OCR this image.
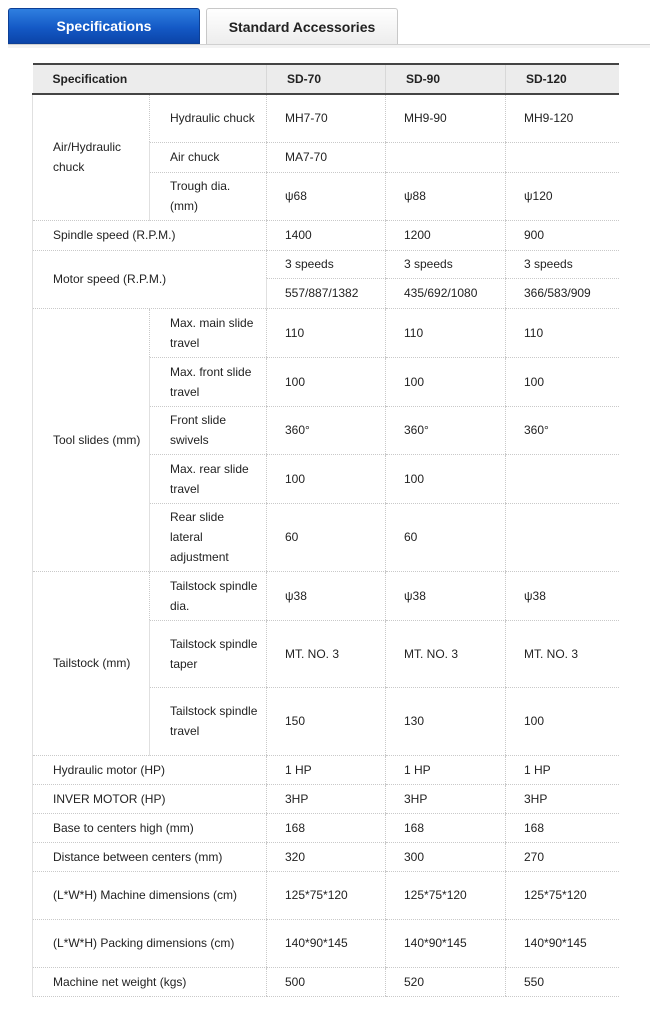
Specifications	Standard Accessories
Specification		SD-70	SD-90	SD-120
Air/Hydraulic chuck	Hydraulic chuck	MH7-70	MH9-90	MH9-120
	Air chuck	MA7-70		
	Trough dia. (mm)	ψ68	ψ88	ψ120
Spindle speed (R.P.M.)		1400	1200	900
Motor speed (R.P.M.)		3 speeds	3 speeds	3 speeds
		557/887/1382	435/692/1080	366/583/909
Tool slides (mm)	Max. main slide travel	110	110	110
	Max. front slide travel	100	100	100
	Front slide swivels	360°	360°	360°
	Max. rear slide travel	100	100	
	Rear slide lateral adjustment	60	60	
Tailstock (mm)	Tailstock spindle dia.	ψ38	ψ38	ψ38
	Tailstock spindle taper	MT. NO. 3	MT. NO. 3	MT. NO. 3
	Tailstock spindle travel	150	130	100
Hydraulic motor (HP)		1 HP	1 HP	1 HP
INVER MOTOR (HP)		3HP	3HP	3HP
Base to centers high (mm)		168	168	168
Distance between centers (mm)		320	300	270
(L*W*H) Machine dimensions (cm)		125*75*120	125*75*120	125*75*120
(L*W*H) Packing dimensions (cm)		140*90*145	140*90*145	140*90*145
Machine net weight (kgs)		500	520	550
